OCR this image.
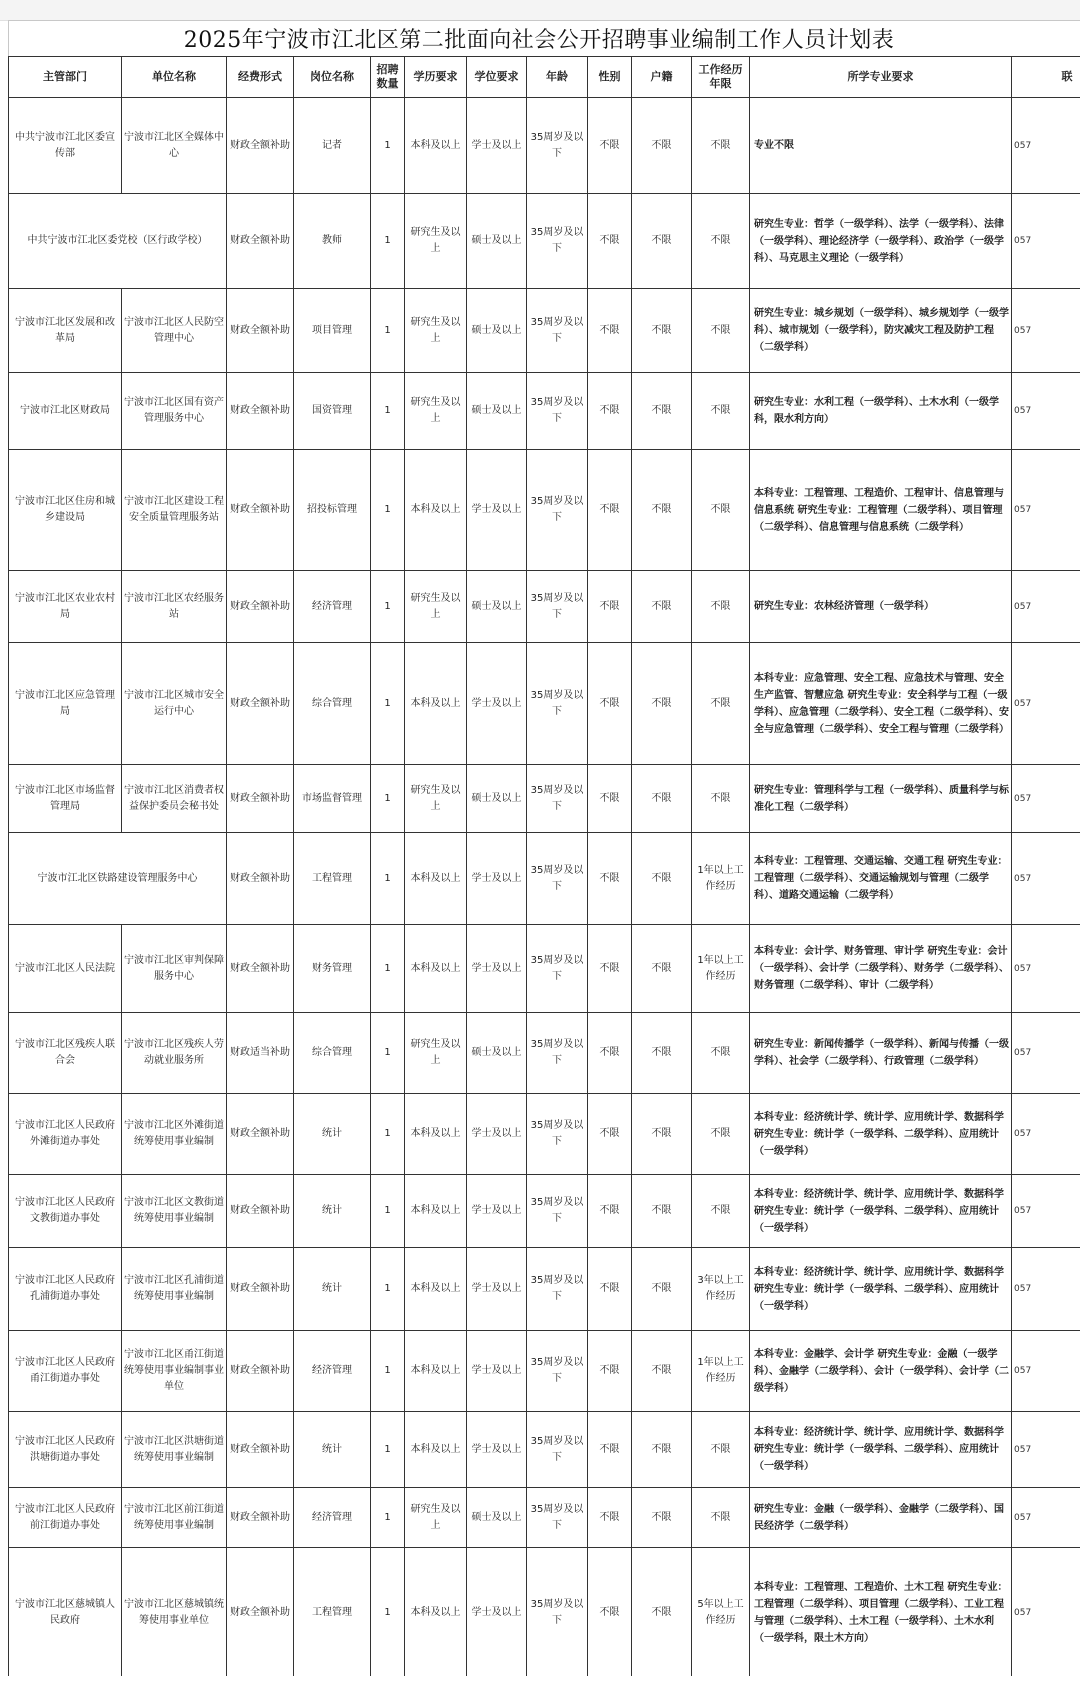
2025年宁波市江北区第二批面向社会公开招聘事业编制工作人员计划表
主管部门	单位名称	经费形式	岗位名称	招聘数量	学历要求	学位要求	年龄	性别	户籍	工作经历年限	所学专业要求	联
中共宁波市江北区委宣传部	宁波市江北区全媒体中心	财政全额补助	记者	1	本科及以上	学士及以上	35周岁及以下	不限	不限	不限	专业不限	057
中共宁波市江北区委党校（区行政学校）		财政全额补助	教师	1	研究生及以上	硕士及以上	35周岁及以下	不限	不限	不限	研究生专业：哲学（一级学科）、法学（一级学科）、法律（一级学科）、理论经济学（一级学科）、政治学（一级学科）、马克思主义理论（一级学科）	057
宁波市江北区发展和改革局	宁波市江北区人民防空管理中心	财政全额补助	项目管理	1	研究生及以上	硕士及以上	35周岁及以下	不限	不限	不限	研究生专业：城乡规划（一级学科）、城乡规划学（一级学科）、城市规划（一级学科），防灾减灾工程及防护工程（二级学科）	057
宁波市江北区财政局	宁波市江北区国有资产管理服务中心	财政全额补助	国资管理	1	研究生及以上	硕士及以上	35周岁及以下	不限	不限	不限	研究生专业：水利工程（一级学科）、土木水利（一级学科，限水利方向）	057
宁波市江北区住房和城乡建设局	宁波市江北区建设工程安全质量管理服务站	财政全额补助	招投标管理	1	本科及以上	学士及以上	35周岁及以下	不限	不限	不限	本科专业：工程管理、工程造价、工程审计、信息管理与信息系统 研究生专业：工程管理（二级学科）、项目管理（二级学科）、信息管理与信息系统（二级学科）	057
宁波市江北区农业农村局	宁波市江北区农经服务站	财政全额补助	经济管理	1	研究生及以上	硕士及以上	35周岁及以下	不限	不限	不限	研究生专业：农林经济管理（一级学科）	057
宁波市江北区应急管理局	宁波市江北区城市安全运行中心	财政全额补助	综合管理	1	本科及以上	学士及以上	35周岁及以下	不限	不限	不限	本科专业：应急管理、安全工程、应急技术与管理、安全生产监管、智慧应急 研究生专业：安全科学与工程（一级学科）、应急管理（二级学科）、安全工程（二级学科）、安全与应急管理（二级学科）、安全工程与管理（二级学科）	057
宁波市江北区市场监督管理局	宁波市江北区消费者权益保护委员会秘书处	财政全额补助	市场监督管理	1	研究生及以上	硕士及以上	35周岁及以下	不限	不限	不限	研究生专业：管理科学与工程（一级学科）、质量科学与标准化工程（二级学科）	057
宁波市江北区铁路建设管理服务中心		财政全额补助	工程管理	1	本科及以上	学士及以上	35周岁及以下	不限	不限	1年以上工作经历	本科专业：工程管理、交通运输、交通工程 研究生专业：工程管理（二级学科）、交通运输规划与管理（二级学科）、道路交通运输（二级学科）	057
宁波市江北区人民法院	宁波市江北区审判保障服务中心	财政全额补助	财务管理	1	本科及以上	学士及以上	35周岁及以下	不限	不限	1年以上工作经历	本科专业：会计学、财务管理、审计学 研究生专业：会计（一级学科）、会计学（二级学科）、财务学（二级学科）、财务管理（二级学科）、审计（二级学科）	057
宁波市江北区残疾人联合会	宁波市江北区残疾人劳动就业服务所	财政适当补助	综合管理	1	研究生及以上	硕士及以上	35周岁及以下	不限	不限	不限	研究生专业：新闻传播学（一级学科）、新闻与传播（一级学科）、社会学（二级学科）、行政管理（二级学科）	057
宁波市江北区人民政府外滩街道办事处	宁波市江北区外滩街道统筹使用事业编制	财政全额补助	统计	1	本科及以上	学士及以上	35周岁及以下	不限	不限	不限	本科专业：经济统计学、统计学、应用统计学、数据科学 研究生专业：统计学（一级学科、二级学科）、应用统计（一级学科）	057
宁波市江北区人民政府文教街道办事处	宁波市江北区文教街道统筹使用事业编制	财政全额补助	统计	1	本科及以上	学士及以上	35周岁及以下	不限	不限	不限	本科专业：经济统计学、统计学、应用统计学、数据科学 研究生专业：统计学（一级学科、二级学科）、应用统计（一级学科）	057
宁波市江北区人民政府孔浦街道办事处	宁波市江北区孔浦街道统筹使用事业编制	财政全额补助	统计	1	本科及以上	学士及以上	35周岁及以下	不限	不限	3年以上工作经历	本科专业：经济统计学、统计学、应用统计学、数据科学 研究生专业：统计学（一级学科、二级学科）、应用统计（一级学科）	057
宁波市江北区人民政府甬江街道办事处	宁波市江北区甬江街道统筹使用事业编制事业单位	财政全额补助	经济管理	1	本科及以上	学士及以上	35周岁及以下	不限	不限	1年以上工作经历	本科专业：金融学、会计学 研究生专业：金融（一级学科）、金融学（二级学科）、会计（一级学科）、会计学（二级学科）	057
宁波市江北区人民政府洪塘街道办事处	宁波市江北区洪塘街道统筹使用事业编制	财政全额补助	统计	1	本科及以上	学士及以上	35周岁及以下	不限	不限	不限	本科专业：经济统计学、统计学、应用统计学、数据科学 研究生专业：统计学（一级学科、二级学科）、应用统计（一级学科）	057
宁波市江北区人民政府前江街道办事处	宁波市江北区前江街道统筹使用事业编制	财政全额补助	经济管理	1	研究生及以上	硕士及以上	35周岁及以下	不限	不限	不限	研究生专业：金融（一级学科）、金融学（二级学科）、国民经济学（二级学科）	057
宁波市江北区慈城镇人民政府	宁波市江北区慈城镇统筹使用事业单位	财政全额补助	工程管理	1	本科及以上	学士及以上	35周岁及以下	不限	不限	5年以上工作经历	本科专业：工程管理、工程造价、土木工程 研究生专业：工程管理（二级学科）、项目管理（二级学科）、工业工程与管理（二级学科）、土木工程（一级学科）、土木水利（一级学科，限土木方向）	057
